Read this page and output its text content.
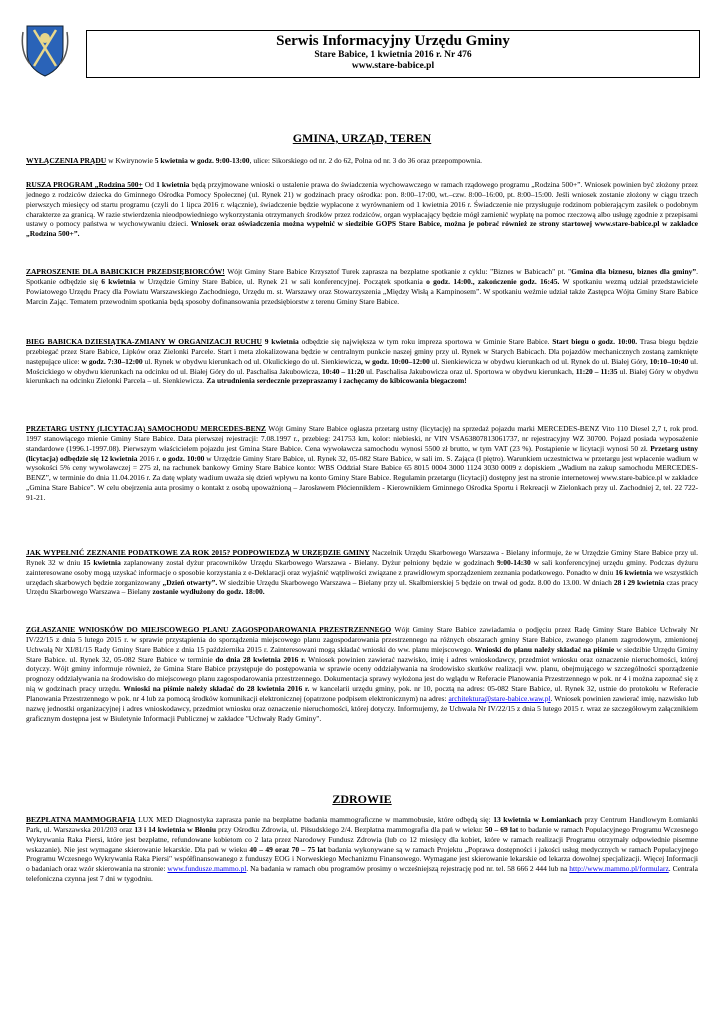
Serwis Informacyjny Urzędu Gminy
Stare Babice, 1 kwietnia 2016 r. Nr 476
www.stare-babice.pl
GMINA, URZĄD, TEREN
WYŁĄCZENIA PRĄDU w Kwirynowie 5 kwietnia w godz. 9:00-13:00, ulice: Sikorskiego od nr. 2 do 62, Polna od nr. 3 do 36 oraz przepompownia.
RUSZA PROGRAM „Rodzina 500+ Od 1 kwietnia będą przyjmowane wnioski o ustalenie prawa do świadczenia wychowawczego w ramach rządowego programu „Rodzina 500+”. Wniosek powinien być złożony przez jednego z rodziców dziecka do Gminnego Ośrodka Pomocy Społecznej (ul. Rynek 21) w godzinach pracy ośrodka: pon. 8:00–17:00, wt.–czw. 8:00–16:00, pt. 8:00–15:00. Jeśli wniosek zostanie złożony w ciągu trzech pierwszych miesięcy od startu programu (czyli do 1 lipca 2016 r. włącznie), świadczenie będzie wypłacone z wyrównaniem od 1 kwietnia 2016 r. Świadczenie nie przysługuje rodzinom pobierającym zasiłek o podobnym charakterze za granicą. W razie stwierdzenia nieodpowiedniego wykorzystania otrzymanych środków przez rodziców, organ wypłacający będzie mógł zamienić wypłatę na pomoc rzeczową albo usługę zgodnie z przepisami ustawy o pomocy państwa w wychowywaniu dzieci. Wniosek oraz oświadczenia można wypełnić w siedzibie GOPS Stare Babice, można je pobrać również ze strony startowej www.stare-babice.pl w zakładce „Rodzina 500+”.
ZAPROSZENIE DLA BABICKICH PRZEDSIĘBIORCÓW! Wójt Gminy Stare Babice Krzysztof Turek zaprasza na bezpłatne spotkanie z cyklu: "Biznes w Babicach" pt. "Gmina dla biznesu, biznes dla gminy”. Spotkanie odbędzie się 6 kwietnia w Urzędzie Gminy Stare Babice, ul. Rynek 21 w sali konferencyjnej. Początek spotkania o godz. 14:00., zakończenie godz. 16:45. W spotkaniu wezmą udział przedstawiciele Powiatowego Urzędu Pracy dla Powiatu Warszawskiego Zachodniego, Urzędu m. st. Warszawy oraz Stowarzyszenia „Między Wisłą a Kampinosem”. W spotkaniu weźmie udział także Zastępca Wójta Gminy Stare Babice Marcin Zając. Tematem przewodnim spotkania będą sposoby dofinansowania przedsiębiorstw z terenu Gminy Stare Babice.
BIEG BABICKA DZIESIĄTKA-ZMIANY W ORGANIZACJI RUCHU 9 kwietnia odbędzie się największa w tym roku impreza sportowa w Gminie Stare Babice. Start biegu o godz. 10:00. Trasa biegu będzie przebiegać przez Stare Babice, Lipków oraz Zielonki Parcele. Start i meta zlokalizowana będzie w centralnym punkcie naszej gminy przy ul. Rynek w Starych Babicach. Dla pojazdów mechanicznych zostaną zamknięte następujące ulice: w godz. 7:30–12:00 ul. Rynek w obydwu kierunkach od ul. Okulickiego do ul. Sienkiewicza, w godz. 10:00–12:00 ul. Sienkiewicza w obydwu kierunkach od ul. Rynek do ul. Białej Góry, 10:10–10:40 ul. Mościckiego w obydwu kierunkach na odcinku od ul. Białej Góry do ul. Paschalisa Jakubowicza, 10:40 – 11:20 ul. Paschalisa Jakubowicza oraz ul. Sportowa w obydwu kierunkach, 11:20 – 11:35 ul. Białej Góry w obydwu kierunkach na odcinku Zielonki Parcela – ul. Sienkiewicza. Za utrudnienia serdecznie przepraszamy i zachęcamy do kibicowania biegaczom!
PRZETARG USTNY (LICYTACJA) SAMOCHODU MERCEDES-BENZ Wójt Gminy Stare Babice ogłasza przetarg ustny (licytację) na sprzedaż pojazdu marki MERCEDES-BENZ Vito 110 Diesel 2,7 t, rok prod. 1997 stanowiącego mienie Gminy Stare Babice. Data pierwszej rejestracji: 7.08.1997 r., przebieg: 241753 km, kolor: niebieski, nr VIN VSA63807813061737, nr rejestracyjny WZ 30700. Pojazd posiada wyposażenie standardowe (1996.1-1997.08). Pierwszym właścicielem pojazdu jest Gmina Stare Babice. Cena wywoławcza samochodu wynosi 5500 zł brutto, w tym VAT (23 %). Postąpienie w licytacji wynosi 50 zł. Przetarg ustny (licytacja) odbędzie się 12 kwietnia 2016 r. o godz. 10:00 w Urzędzie Gminy Stare Babice, ul. Rynek 32, 05-082 Stare Babice, w sali im. S. Zająca (I piętro). Warunkiem uczestnictwa w przetargu jest wpłacenie wadium w wysokości 5% ceny wywoławczej = 275 zł, na rachunek bankowy Gminy Stare Babice konto: WBS Oddział Stare Babice 65 8015 0004 3000 1124 3030 0009 z dopiskiem „Wadium na zakup samochodu MERCEDES-BENZ”, w terminie do dnia 11.04.2016 r. Za datę wpłaty wadium uważa się dzień wpływu na konto Gminy Stare Babice. Regulamin przetargu (licytacji) dostępny jest na stronie internetowej www.stare-babice.pl w zakładce „Gmina Stare Babice”. W celu obejrzenia auta prosimy o kontakt z osobą upoważnioną – Jarosławem Płócienniklem - Kierownikiem Gminnego Ośrodka Sportu i Rekreacji w Zielonkach przy ul. Zachodniej 2, tel. 22 722-91-21.
JAK WYPEŁNIĆ ZEZNANIE PODATKOWE ZA ROK 2015? PODPOWIEDZĄ W URZĘDZIE GMINY Naczelnik Urzędu Skarbowego Warszawa - Bielany informuje, że w Urzędzie Gminy Stare Babice przy ul. Rynek 32 w dniu 15 kwietnia zaplanowany został dyżur pracowników Urzędu Skarbowego Warszawa - Bielany. Dyżur pełniony będzie w godzinach 9:00-14:30 w sali konferencyjnej urzędu gminy. Podczas dyżuru zainteresowane osoby mogą uzyskać informacje o sposobie korzystania z e-Deklaracji oraz wyjaśnić wątpliwości związane z prawidłowym sporządzeniem zeznania podatkowego. Ponadto w dniu 16 kwietnia we wszystkich urzędach skarbowych będzie zorganizowany „Dzień otwarty”. W siedzibie Urzędu Skarbowego Warszawa – Bielany przy ul. Skalbmierskiej 5 będzie on trwał od godz. 8.00 do 13.00. W dniach 28 i 29 kwietnia czas pracy Urzędu Skarbowego Warszawa – Bielany zostanie wydłużony do godz. 18:00.
ZGŁASZANIE WNIOSKÓW DO MIEJSCOWEGO PLANU ZAGOSPODAROWANIA PRZESTRZENNEGO Wójt Gminy Stare Babice zawiadamia o podjęciu przez Radę Gminy Stare Babice Uchwały Nr IV/22/15 z dnia 5 lutego 2015 r. w sprawie przystąpienia do sporządzenia miejscowego planu zagospodarowania przestrzennego na różnych obszarach gminy Stare Babice, zwanego planem zagrodowym, zmienionej Uchwałą Nr XI/81/15 Rady Gminy Stare Babice z dnia 15 października 2015 r. Zainteresowani mogą składać wnioski do ww. planu miejscowego. Wnioski do planu należy składać na piśmie w siedzibie Urzędu Gminy Stare Babice. ul. Rynek 32, 05-082 Stare Babice w terminie do dnia 28 kwietnia 2016 r. Wniosek powinien zawierać nazwisko, imię i adres wnioskodawcy, przedmiot wniosku oraz oznaczenie nieruchomości, której dotyczy. Wójt gminy informuje również, że Gmina Stare Babice przystępuje do postępowania w sprawie oceny oddziaływania na środowisko skutków realizacji ww. planu, obejmującego w szczególności sporządzenie prognozy oddziaływania na środowisko do miejscowego planu zagospodarowania przestrzennego. Dokumentacja sprawy wyłożona jest do wglądu w Referacie Planowania Przestrzennego w pok. nr 4 i można zapoznać się z nią w godzinach pracy urzędu. Wnioski na piśmie należy składać do 28 kwietnia 2016 r. w kancelarii urzędu gminy, pok. nr 10, pocztą na adres: 05-082 Stare Babice, ul. Rynek 32, ustnie do protokołu w Referacie Planowania Przestrzennego w pok. nr 4 lub za pomocą środków komunikacji elektronicznej (opatrzone podpisem elektronicznym) na adres: architektura@stare-babice.waw.pl. Wniosek powinien zawierać imię, nazwisko lub nazwę jednostki organizacyjnej i adres wnioskodawcy, przedmiot wniosku oraz oznaczenie nieruchomości, której dotyczy. Informujemy, że Uchwała Nr IV/22/15 z dnia 5 lutego 2015 r. wraz ze szczegółowym załącznikiem graficznym dostępna jest w Biuletynie Informacji Publicznej w zakładce "Uchwały Rady Gminy".
ZDROWIE
BEZPŁATNA MAMMOGRAFIA LUX MED Diagnostyka zaprasza panie na bezpłatne badania mammograficzne w mammobusie, które odbędą się: 13 kwietnia w Łomiankach przy Centrum Handlowym Łomianki Park, ul. Warszawska 201/203 oraz 13 i 14 kwietnia w Błoniu przy Ośrodku Zdrowia, ul. Piłsudskiego 2/4. Bezpłatna mammografia dla pań w wieku: 50 – 69 lat to badanie w ramach Populacyjnego Programu Wczesnego Wykrywania Raka Piersi, które jest bezpłatne, refundowane kobietom co 2 lata przez Narodowy Fundusz Zdrowia (lub co 12 miesięcy dla kobiet, które w ramach realizacji Programu otrzymały odpowiednie pisemne wskazanie). Nie jest wymagane skierowanie lekarskie. Dla pań w wieku 40 – 49 oraz 70 – 75 lat badania wykonywane są w ramach Projektu „Poprawa dostępności i jakości usług medycznych w ramach Populacyjnego Programu Wczesnego Wykrywania Raka Piersi" współfinansowanego z funduszy EOG i Norweskiego Mechanizmu Finansowego. Wymagane jest skierowanie lekarskie od lekarza dowolnej specjalizacji. Więcej Informacji o badaniach oraz wzór skierowania na stronie: www.fundusze.mammo.pl. Na badania w ramach obu programów prosimy o wcześniejszą rejestrację pod nr. tel. 58 666 2 444 lub na http://www.mammo.pl/formularz. Centrala telefoniczna czynna jest 7 dni w tygodniu.
